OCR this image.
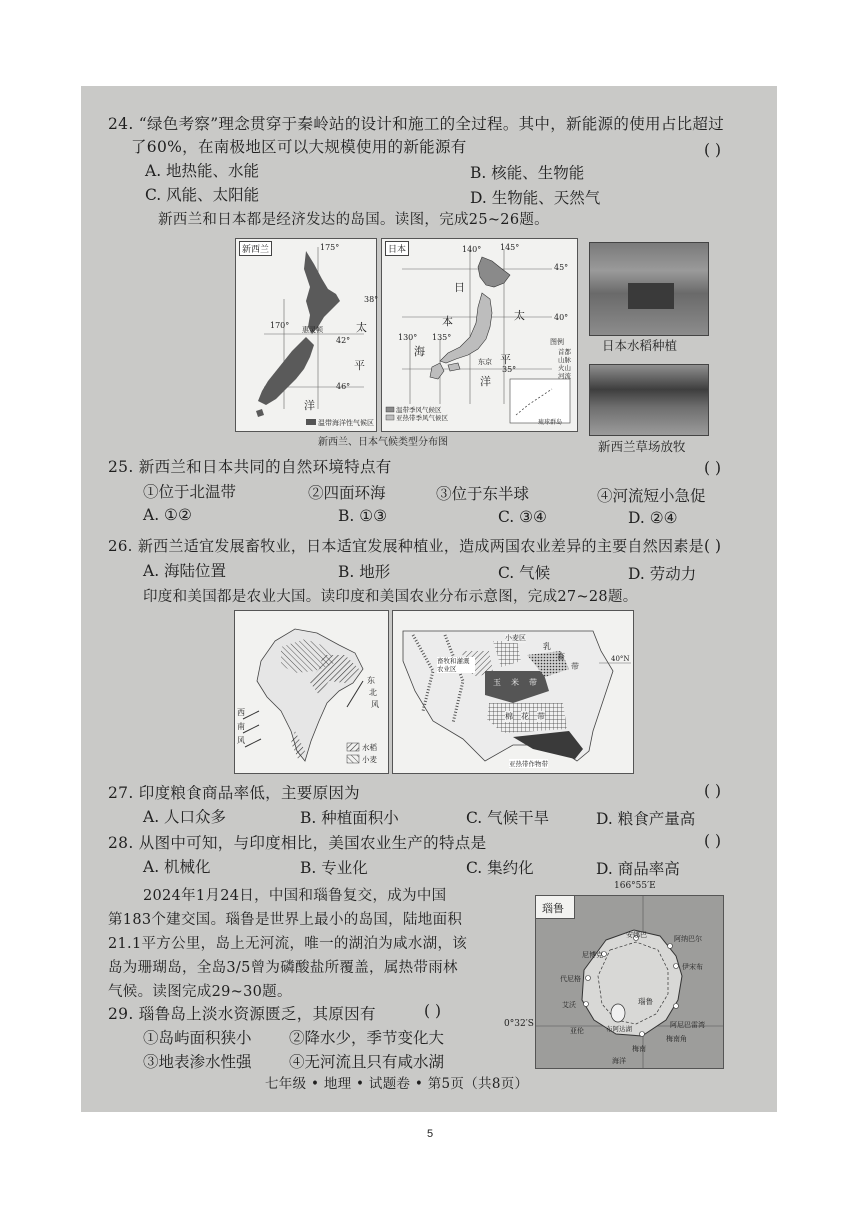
24. “绿色考察”理念贯穿于秦岭站的设计和施工的全过程。其中，新能源的使用占比超过
了60%，在南极地区可以大规模使用的新能源有	( )
A. 地热能、水能	B. 核能、生物能
C. 风能、太阳能	D. 生物能、天然气
新西兰和日本都是经济发达的岛国。读图，完成25~26题。
新西兰	175°
38°
170° 惠灵顿
42°
46°
太
平
洋
温带海洋性气候区
日本	140° 145°
45°
40°
130° 135°
35°
日
本
海
太
平
洋
东京
图例
首都
山脉
火山
河流
温带季风气候区
亚热带季风气候区
琉球群岛
新西兰、日本气候类型分布图
日本水稻种植
新西兰草场放牧
25. 新西兰和日本共同的自然环境特点有	( )
①位于北温带	②四面环海	③位于东半球	④河流短小急促
A. ①②	B. ①③	C. ③④	D. ②④
26. 新西兰适宜发展畜牧业，日本适宜发展种植业，造成两国农业差异的主要自然因素是 ( )
A. 海陆位置	B. 地形	C. 气候	D. 劳动力
印度和美国都是农业大国。读印度和美国农业分布示意图，完成27~28题。
东
北
风
西
南
风
水稻
小麦
小麦区
乳
畜
带
玉 米 带
畜牧和灌溉农业区
棉 花 带
亚热带作物带
40°N
27. 印度粮食商品率低，主要原因为	( )
A. 人口众多	B. 种植面积小	C. 气候干旱	D. 粮食产量高
28. 从图中可知，与印度相比，美国农业生产的特点是	( )
A. 机械化	B. 专业化	C. 集约化	D. 商品率高
2024年1月24日，中国和瑙鲁复交，成为中国
第183个建交国。瑙鲁是世界上最小的岛国，陆地面积
21.1平方公里，岛上无河流，唯一的湖泊为咸水湖，该
岛为珊瑚岛，全岛3/5曾为磷酸盐所覆盖，属热带雨林
气候。读图完成29~30题。
166°55′E
0°32′S
瑙鲁
安娜巴	阿纳巴尔
尼博克
伊宋布
代尼格
瑙鲁
艾沃
布阿达湖	阿尼巴雷湾
亚伦
梅南角
梅南
海洋
29. 瑙鲁岛上淡水资源匮乏，其原因有	( )
①岛屿面积狭小 ②降水少，季节变化大
③地表渗水性强 ④无河流且只有咸水湖
七年级 • 地理 • 试题卷 • 第5页（共8页）
5
